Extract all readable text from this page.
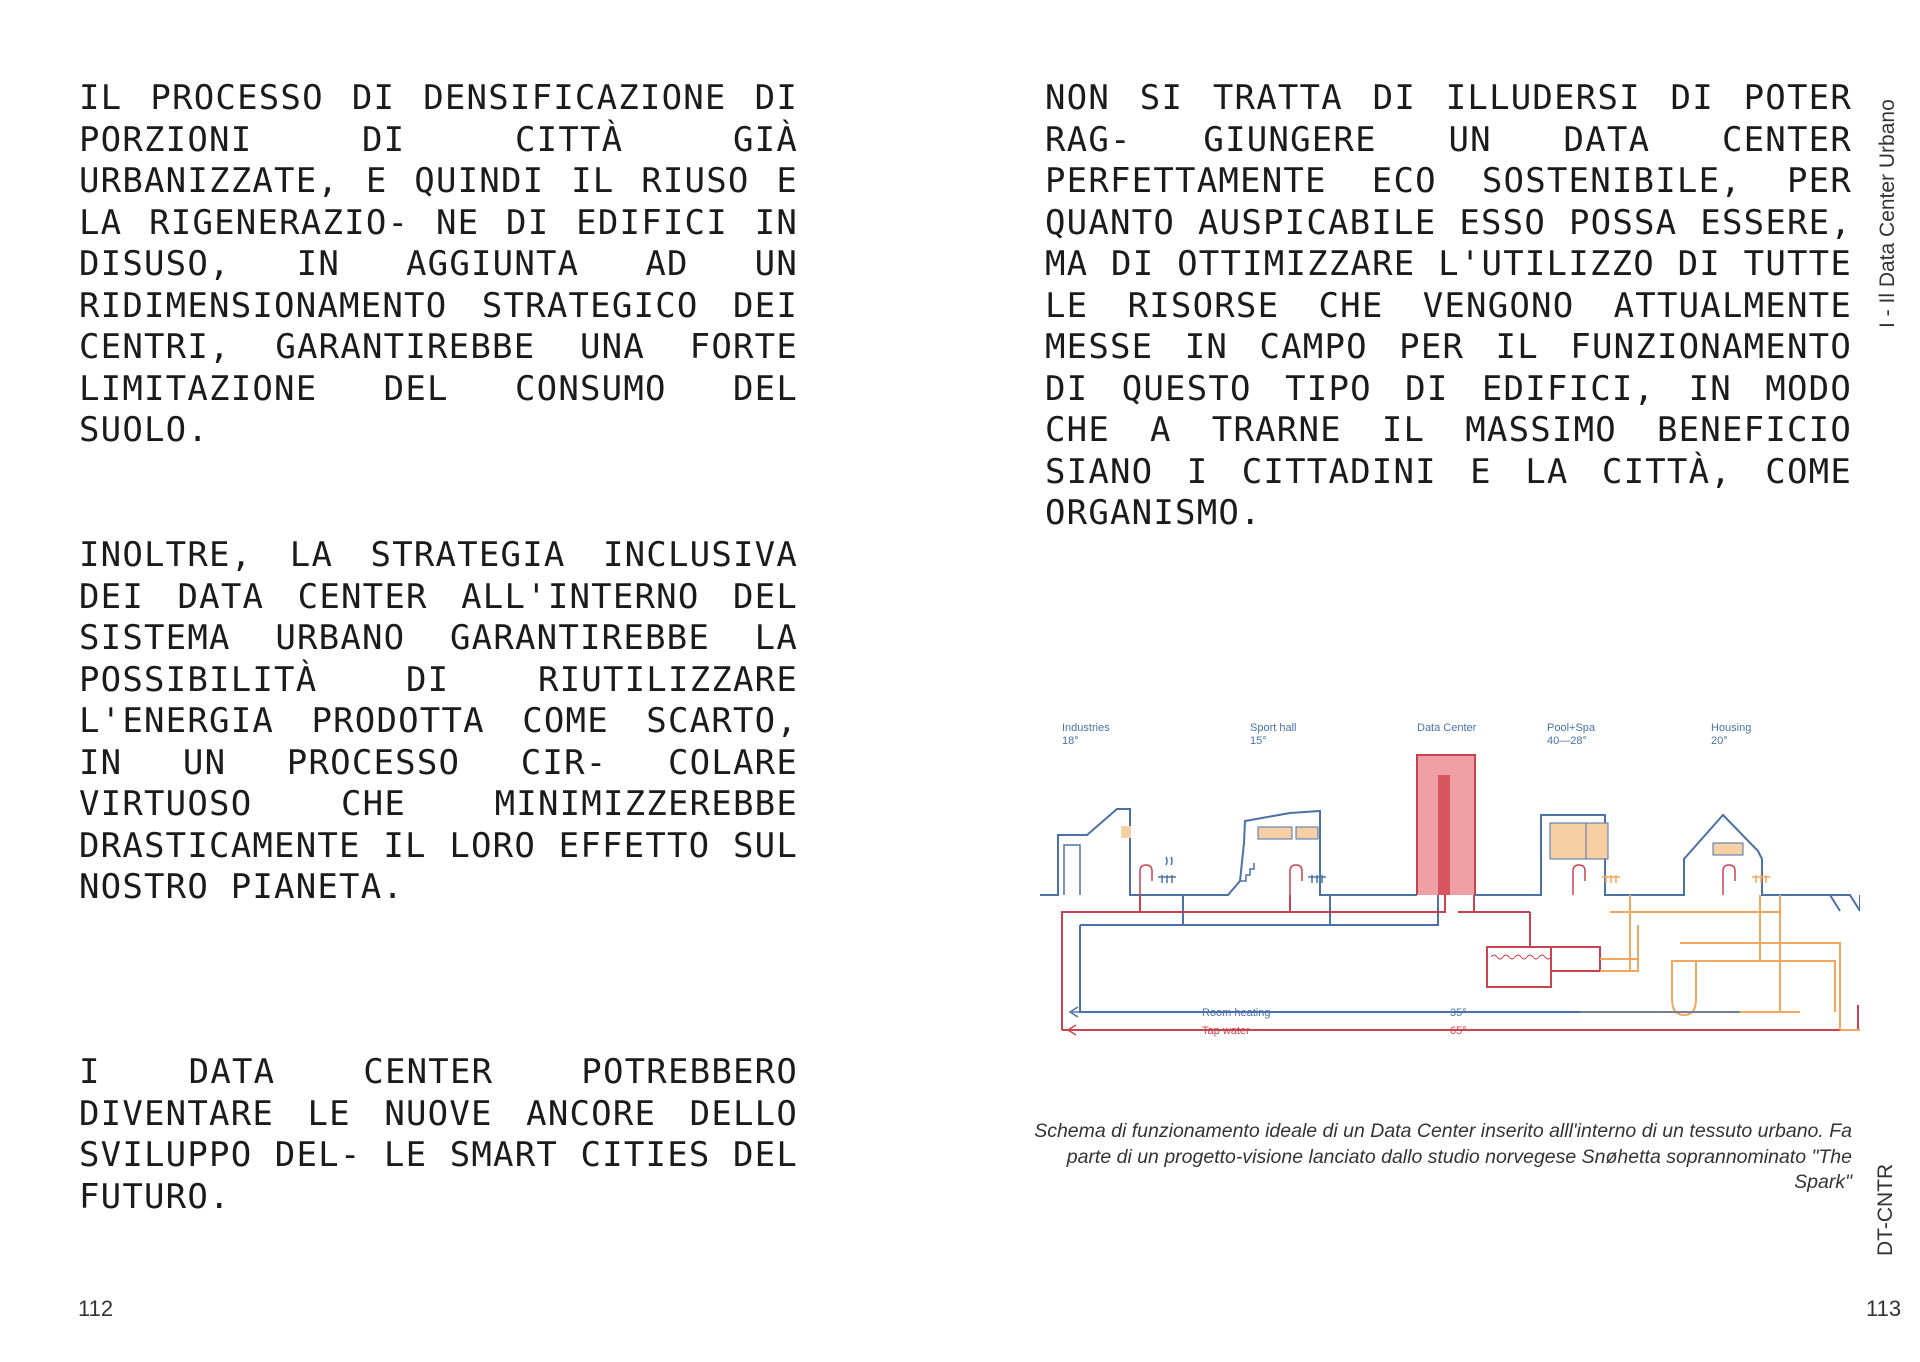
IL PROCESSO DI DENSIFICAZIONE DI PORZIONI DI CITTÀ GIÀ URBANIZZATE, E QUINDI IL RIUSO E LA RIGENERAZIO- NE DI EDIFICI IN DISUSO, IN AGGIUNTA AD UN RIDIMENSIONAMENTO STRATEGICO DEI CENTRI, GARANTIREBBE UNA FORTE LIMITAZIONE DEL CONSUMO DEL SUOLO.

INOLTRE, LA STRATEGIA INCLUSIVA DEI DATA CENTER ALL'INTERNO DEL SISTEMA URBANO GARANTIREBBE LA POSSIBILITÀ DI RIUTILIZZARE L'ENERGIA PRODOTTA COME SCARTO, IN UN PROCESSO CIR- COLARE VIRTUOSO CHE MINIMIZZEREBBE DRASTICAMENTE IL LORO EFFETTO SUL NOSTRO PIANETA.

I DATA CENTER POTREBBERO DIVENTARE LE NUOVE ANCORE DELLO SVILUPPO DEL- LE SMART CITIES DEL FUTURO.

NON SI TRATTA DI ILLUDERSI DI POTER RAG- GIUNGERE UN DATA CENTER PERFETTAMENTE ECO SOSTENIBILE, PER QUANTO AUSPICABILE ESSO POSSA ESSERE, MA DI OTTIMIZZARE L'UTILIZZO DI TUTTE LE RISORSE CHE VENGONO ATTUALMENTE MESSE IN CAMPO PER IL FUNZIONAMENTO DI QUESTO TIPO DI EDIFICI, IN MODO CHE A TRARNE IL MASSIMO BENEFICIO SIANO I CITTADINI E LA CITTÀ, COME ORGANISMO.

Industries
18°
Sport hall
15°
Data Center	Pool+Spa
40—28°
Housing
20°
Room heating	35°
Tap water	65°

Schema di funzionamento ideale di un Data Center inserito alll'interno di un tessuto urbano. Fa parte di un progetto-visione lanciato dallo studio norvegese Snøhetta soprannominato "The Spark"

112	113
I - Il Data Center Urbano
DT-CNTR
